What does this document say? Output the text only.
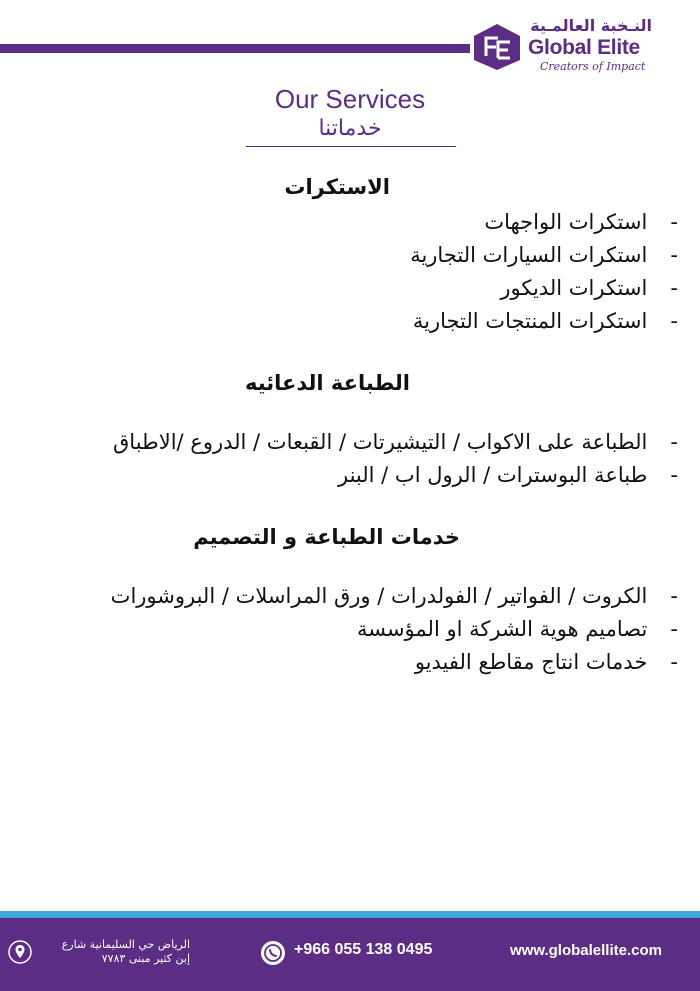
النـخبة العالمـية
Global Elite
Creators of Impact
Our Services
خدماتنا
الاستكرات
- استكرات الواجهات
- استكرات السيارات التجارية
- استكرات الديكور
- استكرات المنتجات التجارية
الطباعة الدعائيه
- الطباعة على الاكواب / التيشيرتات / القبعات / الدروع /الاطباق
- طباعة البوسترات / الرول اب / البنر
خدمات الطباعة و التصميم
- الكروت / الفواتير / الفولدرات / ورق المراسلات / البروشورات
- تصاميم هوية الشركة او المؤسسة
- خدمات انتاج مقاطع الفيديو
الرياض حي السليمانية شارع
إبن كثير مبنى ٧٧٨٣
+966 055 138 0495	www.globalellite.com
